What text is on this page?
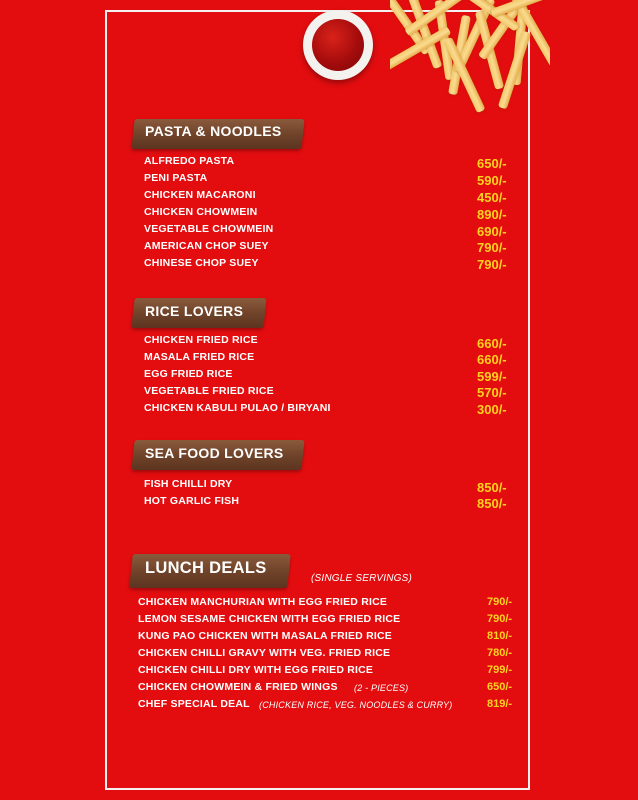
PASTA & NOODLES
ALFREDO PASTA	650/-
PENI PASTA	590/-
CHICKEN MACARONI	450/-
CHICKEN CHOWMEIN	890/-
VEGETABLE CHOWMEIN	690/-
AMERICAN CHOP SUEY	790/-
CHINESE CHOP SUEY	790/-
RICE LOVERS
CHICKEN FRIED RICE	660/-
MASALA FRIED RICE	660/-
EGG FRIED RICE	599/-
VEGETABLE FRIED RICE	570/-
CHICKEN KABULI PULAO / BIRYANI	300/-
SEA FOOD LOVERS
FISH CHILLI DRY	850/-
HOT GARLIC FISH	850/-
LUNCH DEALS
(SINGLE SERVINGS)
CHICKEN MANCHURIAN WITH EGG FRIED RICE	790/-
LEMON SESAME CHICKEN WITH EGG FRIED RICE	790/-
KUNG PAO CHICKEN WITH MASALA FRIED RICE	810/-
CHICKEN CHILLI GRAVY WITH VEG. FRIED RICE	780/-
CHICKEN CHILLI DRY WITH EGG FRIED RICE	799/-
CHICKEN CHOWMEIN & FRIED WINGS (2 - PIECES)	650/-
CHEF SPECIAL DEAL (CHICKEN RICE, VEG. NOODLES & CURRY)	819/-
